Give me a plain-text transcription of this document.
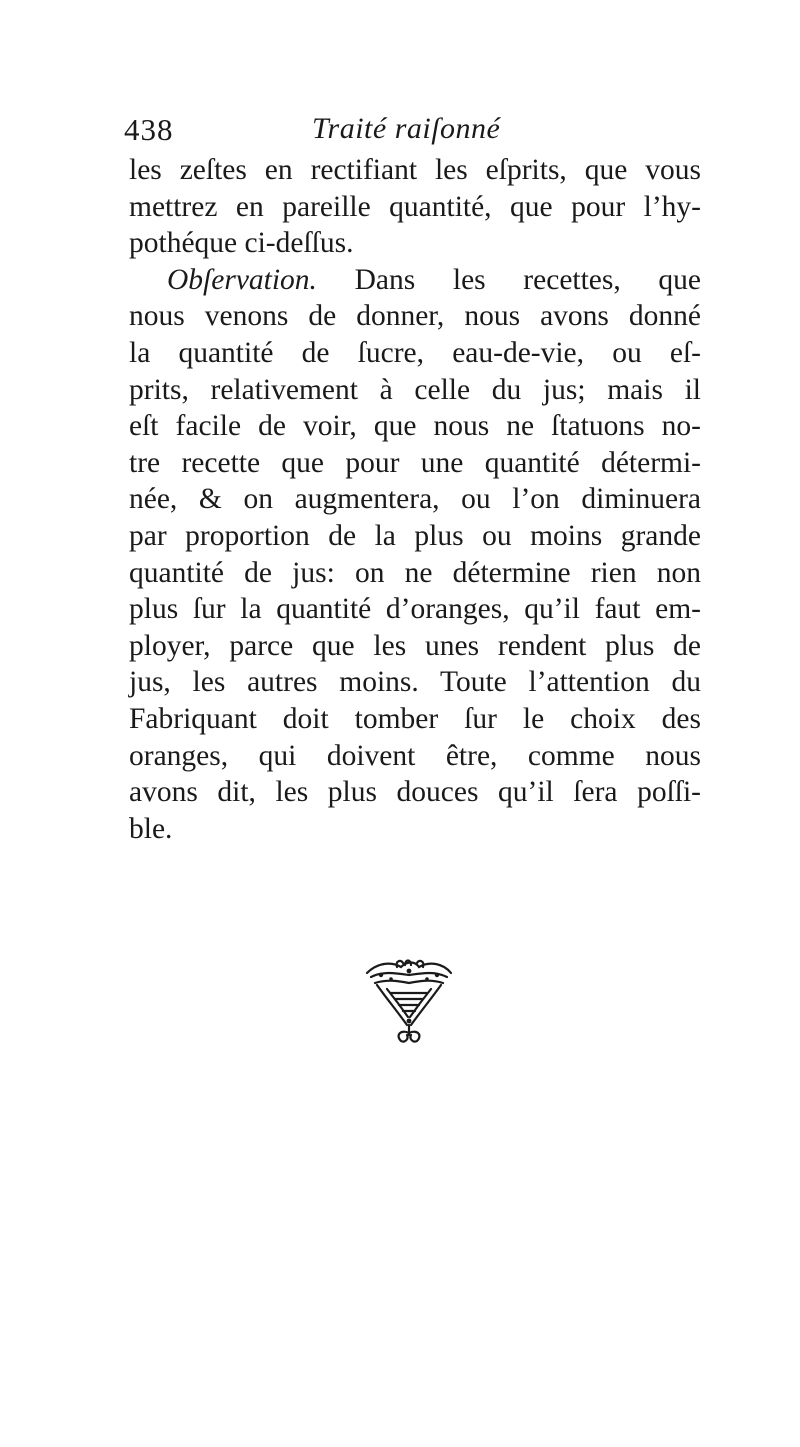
438	Traité raiſonné
les zeſtes en rectifiant les eſprits, que vous
mettrez en pareille quantité, que pour l’hy-
pothéque ci-deſſus.
Obſervation. Dans les recettes, que
nous venons de donner, nous avons donné
la quantité de ſucre, eau-de-vie, ou eſ-
prits, relativement à celle du jus; mais il
eſt facile de voir, que nous ne ſtatuons no-
tre recette que pour une quantité détermi-
née, & on augmentera, ou l’on diminuera
par proportion de la plus ou moins grande
quantité de jus: on ne détermine rien non
plus ſur la quantité d’oranges, qu’il faut em-
ployer, parce que les unes rendent plus de
jus, les autres moins. Toute l’attention du
Fabriquant doit tomber ſur le choix des
oranges, qui doivent être, comme nous
avons dit, les plus douces qu’il ſera poſſi-
ble.
